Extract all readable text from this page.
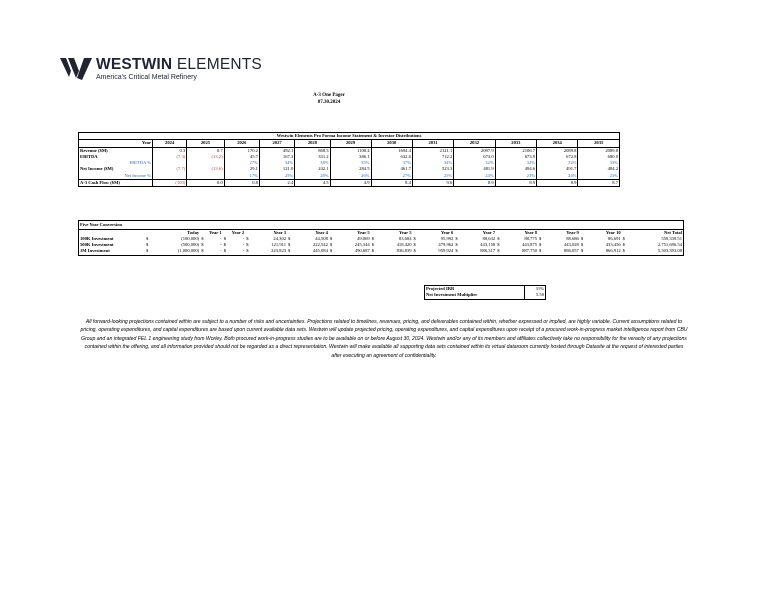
WESTWIN ELEMENTS
America's Critical Metal Refinery
A-3 One Pager
07.30.2024
Westwin Elements Pro Forma Income Statement & Investor Distributions												
Year	2024	2025	2026	2027	2028	2029	2030	2031	2032	2033	2034	2035
Revenue ($M)	0.3	0.7	170.2	492.1	868.3	1108.4	1694.4	2121.1	2097.9	2106.7	2089.8	2089.8
EBITDA	(7.3)	(13.2)	45.7	167.3	331.2	386.1	632.6	712.2	673.0	673.9	672.8	680.0
EBITDA %			27%	34%	38%	35%	37%	34%	32%	32%	32%	33%
Net Income ($M)	(7.7)	(13.6)	29.1	121.0	242.1	284.5	461.7	523.3	481.9	494.6	491.7	484.2
Net Income %			17%	25%	28%	26%	27%	25%	24%	23%	24%	23%
A-3 Cash Flow ($M)	(100)	0.0	0.8	2.4	4.5	4.9	8.4	9.6	8.9	8.9	8.9	8.7
Five Year Conversion																										

	Today		Year 1		Year 2		Year 3		Year 4		Year 5		Year 5		Year 6		Year 7		Year 8		Year 9		Year 10		Net Total	
100K Investment	$	(100,000)	$	-	$	-	$	24,302	$	44,508	$	49,069	$	83,684	$	95,992	$	88,632	$	88,775	$	88,686	$	86,691	$	550,339.51
500K Investment	$	(500,000)	$	-	$	-	$	121,911	$	222,542	$	245,344	$	418,420	$	479,962	$	443,158	$	443,875	$	443,028	$	433,456	$	2,751,696.54
1M Investment	$	(1,000,000)	$	-	$	-	$	243,823	$	445,084	$	490,687	$	836,839	$	959,924	$	886,317	$	887,750	$	886,057	$	866,912	$	5,503,393.08
Projected IRR	31%
Net Investment Multiplier	5.50
All forward-looking projections contained within are subject to a number of risks and uncertainties. Projections related to timelines, revenues, pricing, and deliverables contained within, whether expressed or implied, are highly variable. Current assumptions related to pricing, operating expenditures, and capital expenditures are based upon current available data sets. Westwin will update projected pricing, operating expenditures, and capital expenditures upon receipt of a procured work-in-progress market intelligence report from CBU Group and an integrated FEL 1 engineering study from Worley. Both procured work-in-progress studies are to be available on or before August 30, 2024. Westwin and/or any of its members and affiliates collectively take no responsibility for the veracity of any projections contained within the offering, and all information provided should not be regarded as a direct representation. Westwin will make available all supporting data sets contained within its virtual dataroom currently hosted through Datasite at the request of interested parties after executing an agreement of confidentiality.
